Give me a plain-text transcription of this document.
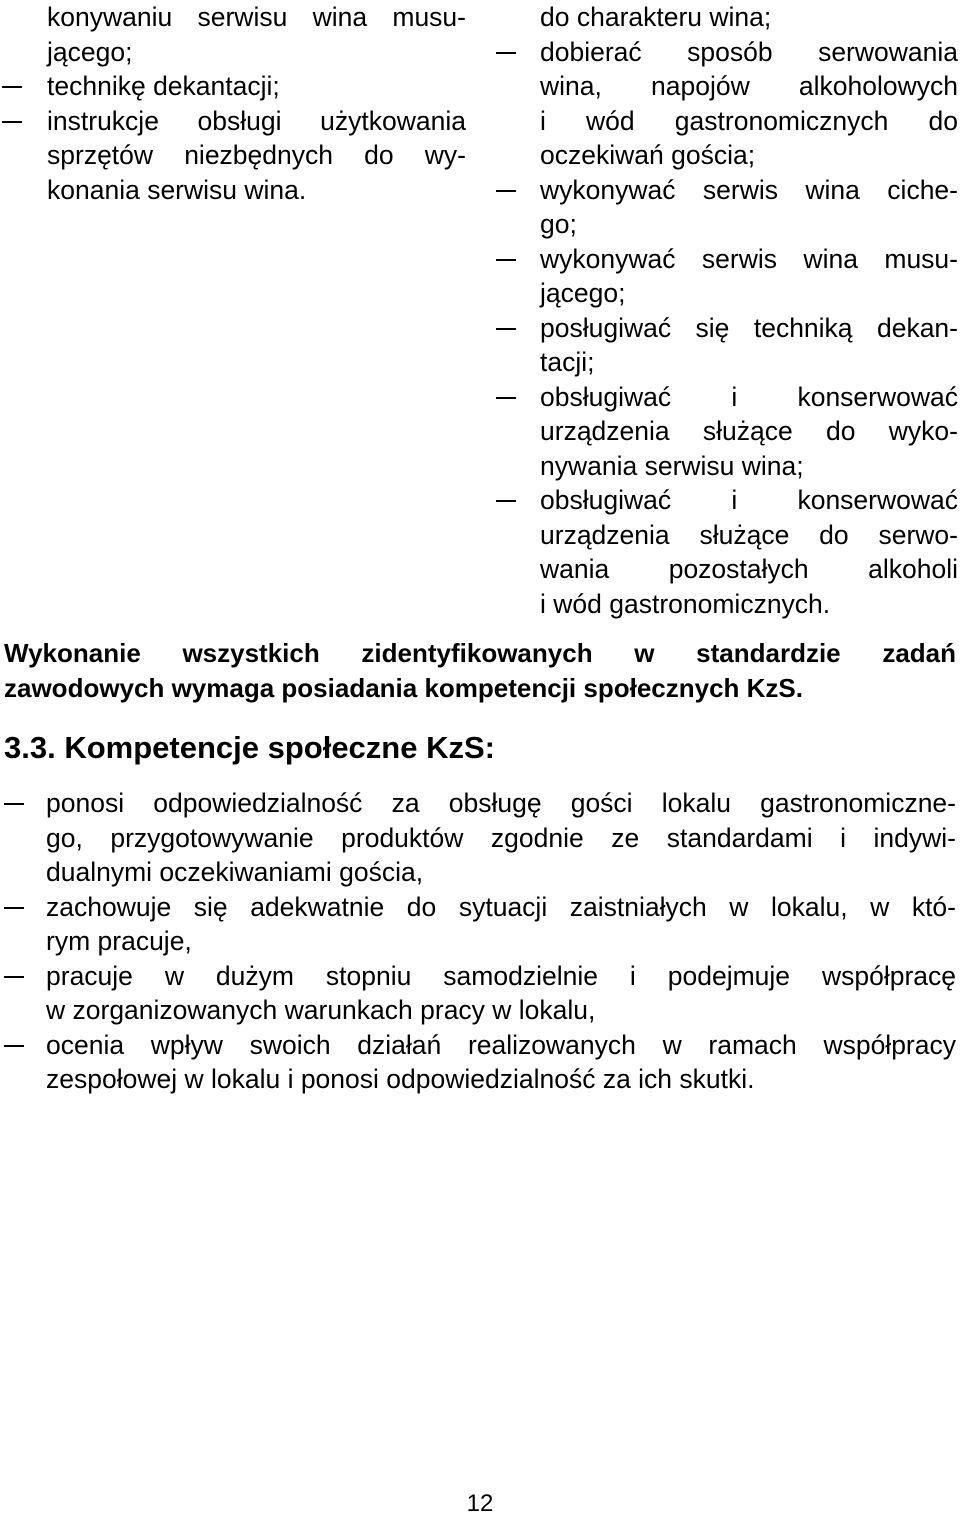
konywaniu serwisu wina musu-
jącego;
technikę dekantacji;
instrukcje obsługi użytkowania
sprzętów niezbędnych do wy-
konania serwisu wina.
do charakteru wina;
dobierać sposób serwowania
wina, napojów alkoholowych
i wód gastronomicznych do
oczekiwań gościa;
wykonywać serwis wina ciche-
go;
wykonywać serwis wina musu-
jącego;
posługiwać się techniką dekan-
tacji;
obsługiwać i konserwować
urządzenia służące do wyko-
nywania serwisu wina;
obsługiwać i konserwować
urządzenia służące do serwo-
wania pozostałych alkoholi
i wód gastronomicznych.
Wykonanie wszystkich zidentyfikowanych w standardzie zadań
zawodowych wymaga posiadania kompetencji społecznych KzS.
3.3. Kompetencje społeczne KzS:
ponosi odpowiedzialność za obsługę gości lokalu gastronomiczne-
go, przygotowywanie produktów zgodnie ze standardami i indywi-
dualnymi oczekiwaniami gościa,
zachowuje się adekwatnie do sytuacji zaistniałych w lokalu, w któ-
rym pracuje,
pracuje w dużym stopniu samodzielnie i podejmuje współpracę
w zorganizowanych warunkach pracy w lokalu,
ocenia wpływ swoich działań realizowanych w ramach współpracy
zespołowej w lokalu i ponosi odpowiedzialność za ich skutki.
12
